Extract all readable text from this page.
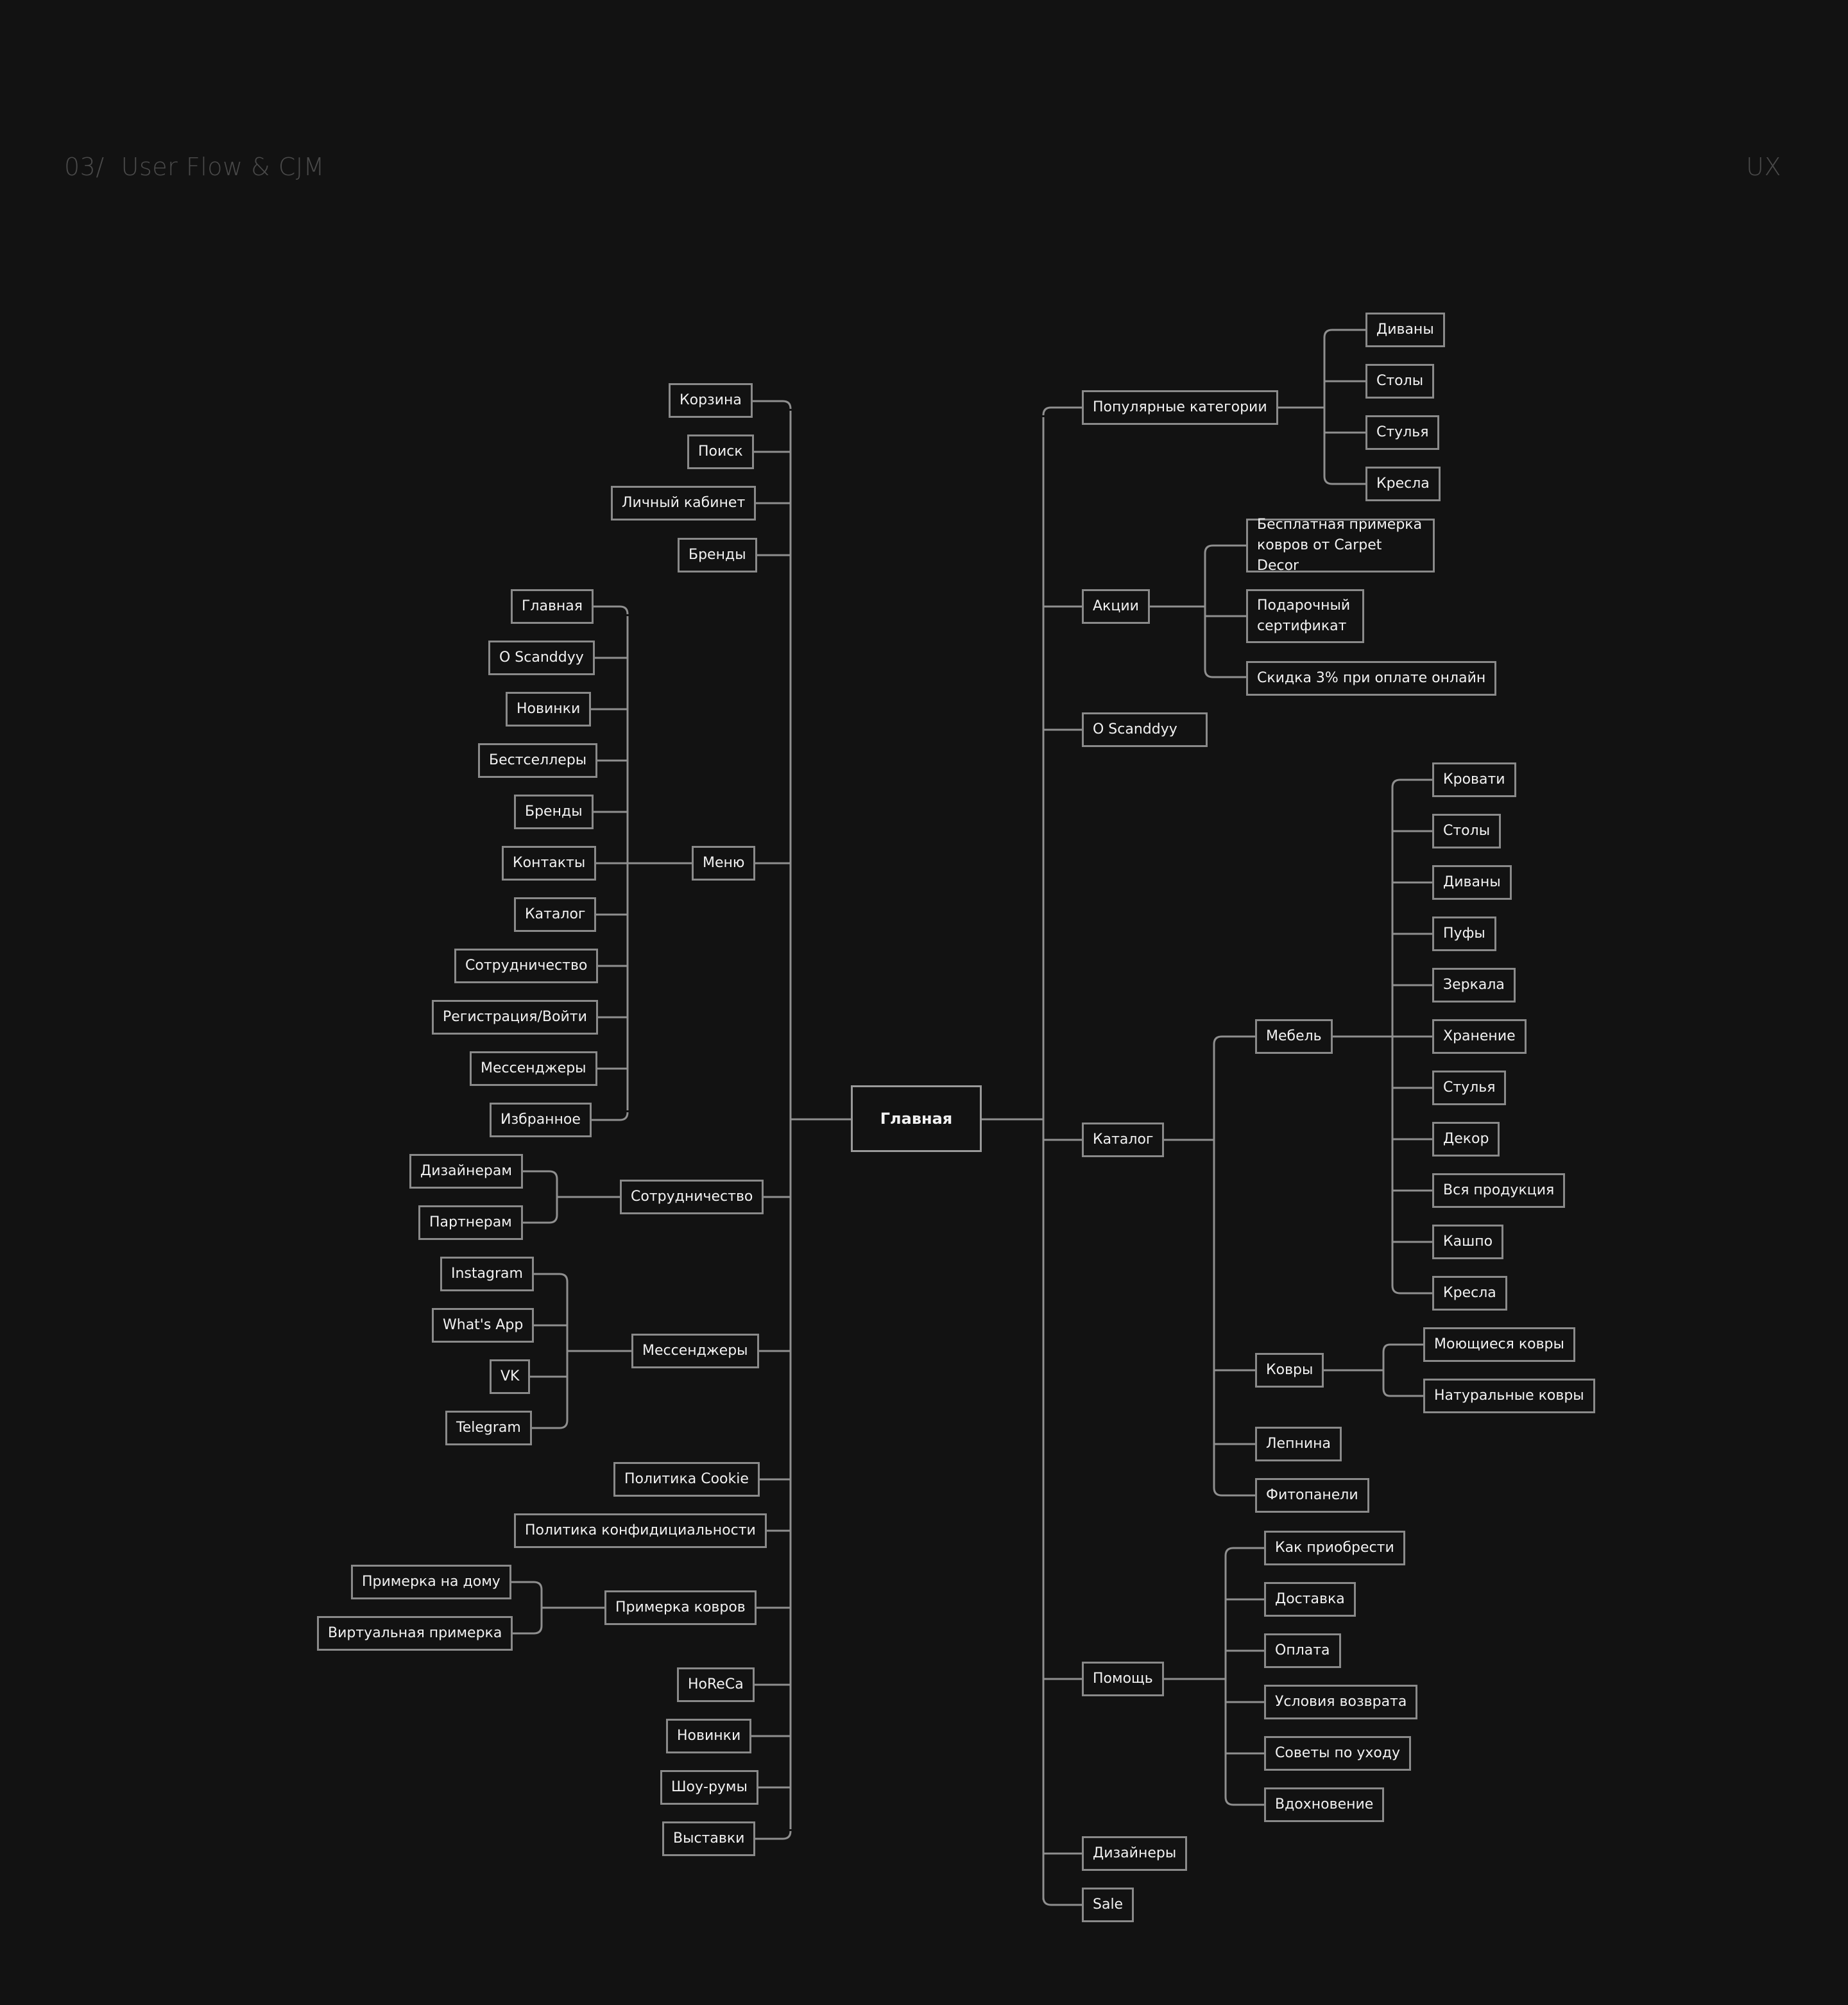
03/ User Flow & CJM	UX
Главная
Корзина
Поиск
Личный кабинет
Бренды
Меню
Главная
О Scanddyy
Новинки
Бестселлеры
Бренды
Контакты
Каталог
Сотрудничество
Регистрация/Войти
Мессенджеры
Избранное
Сотрудничество
Дизайнерам
Партнерам
Мессенджеры
Instagram
What's App
VK
Telegram
Политика Cookie
Политика конфидициальности
Примерка ковров
Примерка на дому
Виртуальная примерка
HoReCa
Новинки
Шоу-румы
Выставки
Популярные категории
Диваны
Столы
Стулья
Кресла
Акции
Бесплатная примерка ковров от Carpet Decor
Подарочный сертификат
Скидка 3% при оплате онлайн
О Scanddyy
Каталог
Мебель
Кровати
Столы
Диваны
Пуфы
Зеркала
Хранение
Стулья
Декор
Вся продукция
Кашпо
Кресла
Ковры
Моющиеся ковры
Натуральные ковры
Лепнина
Фитопанели
Помощь
Как приобрести
Доставка
Оплата
Условия возврата
Советы по уходу
Вдохновение
Дизайнеры
Sale
